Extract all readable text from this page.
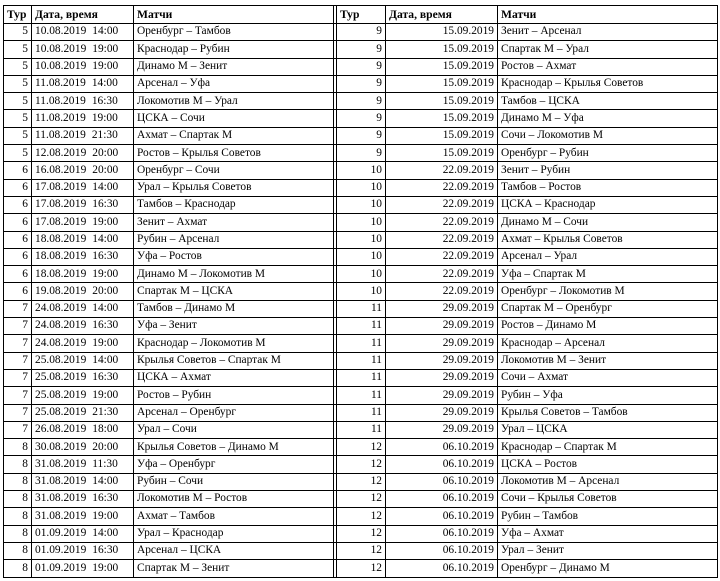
Тур	Дата, время	Матчи		Тур	Дата, время	Матчи
5	10.08.2019 14:00	Оренбург – Тамбов		9	15.09.2019	Зенит – Арсенал
5	10.08.2019 19:00	Краснодар – Рубин		9	15.09.2019	Спартак М – Урал
5	10.08.2019 19:00	Динамо М – Зенит		9	15.09.2019	Ростов – Ахмат
5	11.08.2019 14:00	Арсенал – Уфа		9	15.09.2019	Краснодар – Крылья Советов
5	11.08.2019 16:30	Локомотив М – Урал		9	15.09.2019	Тамбов – ЦСКА
5	11.08.2019 19:00	ЦСКА – Сочи		9	15.09.2019	Динамо М – Уфа
5	11.08.2019 21:30	Ахмат – Спартак М		9	15.09.2019	Сочи – Локомотив М
5	12.08.2019 20:00	Ростов – Крылья Советов		9	15.09.2019	Оренбург – Рубин
6	16.08.2019 20:00	Оренбург – Сочи		10	22.09.2019	Зенит – Рубин
6	17.08.2019 14:00	Урал – Крылья Советов		10	22.09.2019	Тамбов – Ростов
6	17.08.2019 16:30	Тамбов – Краснодар		10	22.09.2019	ЦСКА – Краснодар
6	17.08.2019 19:00	Зенит – Ахмат		10	22.09.2019	Динамо М – Сочи
6	18.08.2019 14:00	Рубин – Арсенал		10	22.09.2019	Ахмат – Крылья Советов
6	18.08.2019 16:30	Уфа – Ростов		10	22.09.2019	Арсенал – Урал
6	18.08.2019 19:00	Динамо М – Локомотив М		10	22.09.2019	Уфа – Спартак М
6	19.08.2019 20:00	Спартак М – ЦСКА		10	22.09.2019	Оренбург – Локомотив М
7	24.08.2019 14:00	Тамбов – Динамо М		11	29.09.2019	Спартак М – Оренбург
7	24.08.2019 16:30	Уфа – Зенит		11	29.09.2019	Ростов – Динамо М
7	24.08.2019 19:00	Краснодар – Локомотив М		11	29.09.2019	Краснодар – Арсенал
7	25.08.2019 14:00	Крылья Советов – Спартак М		11	29.09.2019	Локомотив М – Зенит
7	25.08.2019 16:30	ЦСКА – Ахмат		11	29.09.2019	Сочи – Ахмат
7	25.08.2019 19:00	Ростов – Рубин		11	29.09.2019	Рубин – Уфа
7	25.08.2019 21:30	Арсенал – Оренбург		11	29.09.2019	Крылья Советов – Тамбов
7	26.08.2019 18:00	Урал – Сочи		11	29.09.2019	Урал – ЦСКА
8	30.08.2019 20:00	Крылья Советов – Динамо М		12	06.10.2019	Краснодар – Спартак М
8	31.08.2019 11:30	Уфа – Оренбург		12	06.10.2019	ЦСКА – Ростов
8	31.08.2019 14:00	Рубин – Сочи		12	06.10.2019	Локомотив М – Арсенал
8	31.08.2019 16:30	Локомотив М – Ростов		12	06.10.2019	Сочи – Крылья Советов
8	31.08.2019 19:00	Ахмат – Тамбов		12	06.10.2019	Рубин – Тамбов
8	01.09.2019 14:00	Урал – Краснодар		12	06.10.2019	Уфа – Ахмат
8	01.09.2019 16:30	Арсенал – ЦСКА		12	06.10.2019	Урал – Зенит
8	01.09.2019 19:00	Спартак М – Зенит		12	06.10.2019	Оренбург – Динамо М
